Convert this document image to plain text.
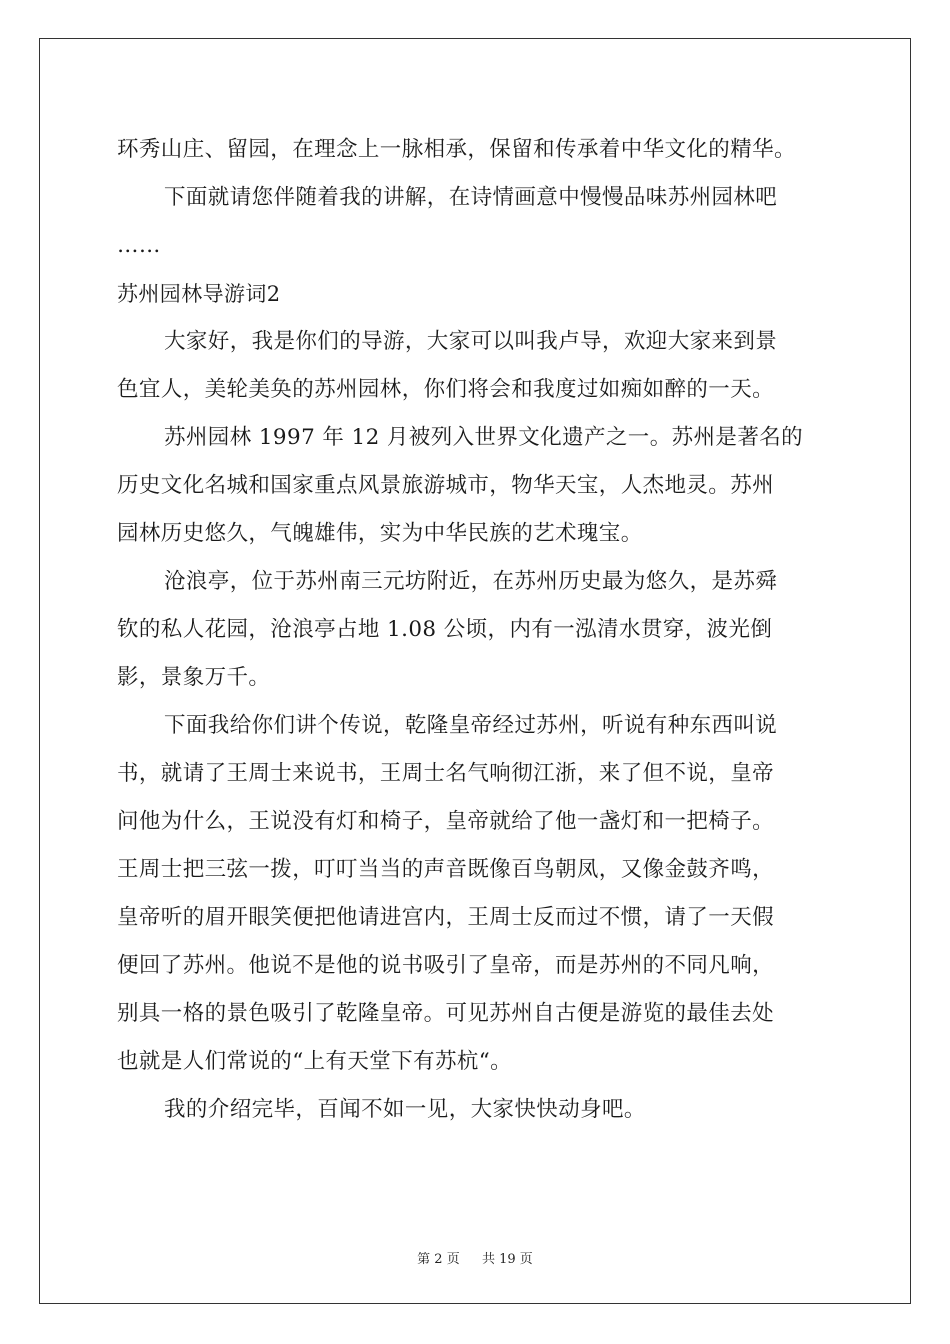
环秀山庄、留园，在理念上一脉相承，保留和传承着中华文化的精华。
下面就请您伴随着我的讲解，在诗情画意中慢慢品味苏州园林吧
……
苏州园林导游词2
大家好，我是你们的导游，大家可以叫我卢导，欢迎大家来到景
色宜人，美轮美奂的苏州园林，你们将会和我度过如痴如醉的一天。
苏州园林 1997 年 12 月被列入世界文化遗产之一。苏州是著名的
历史文化名城和国家重点风景旅游城市，物华天宝，人杰地灵。苏州
园林历史悠久，气魄雄伟，实为中华民族的艺术瑰宝。
沧浪亭，位于苏州南三元坊附近，在苏州历史最为悠久，是苏舜
钦的私人花园，沧浪亭占地 1.08 公顷，内有一泓清水贯穿，波光倒
影，景象万千。
下面我给你们讲个传说，乾隆皇帝经过苏州，听说有种东西叫说
书，就请了王周士来说书，王周士名气响彻江浙，来了但不说，皇帝
问他为什么，王说没有灯和椅子，皇帝就给了他一盏灯和一把椅子。
王周士把三弦一拨，叮叮当当的声音既像百鸟朝凤，又像金鼓齐鸣，
皇帝听的眉开眼笑便把他请进宫内，王周士反而过不惯，请了一天假
便回了苏州。他说不是他的说书吸引了皇帝，而是苏州的不同凡响，
别具一格的景色吸引了乾隆皇帝。可见苏州自古便是游览的最佳去处
也就是人们常说的“上有天堂下有苏杭“。
我的介绍完毕，百闻不如一见，大家快快动身吧。
第 2 页 共 19 页
